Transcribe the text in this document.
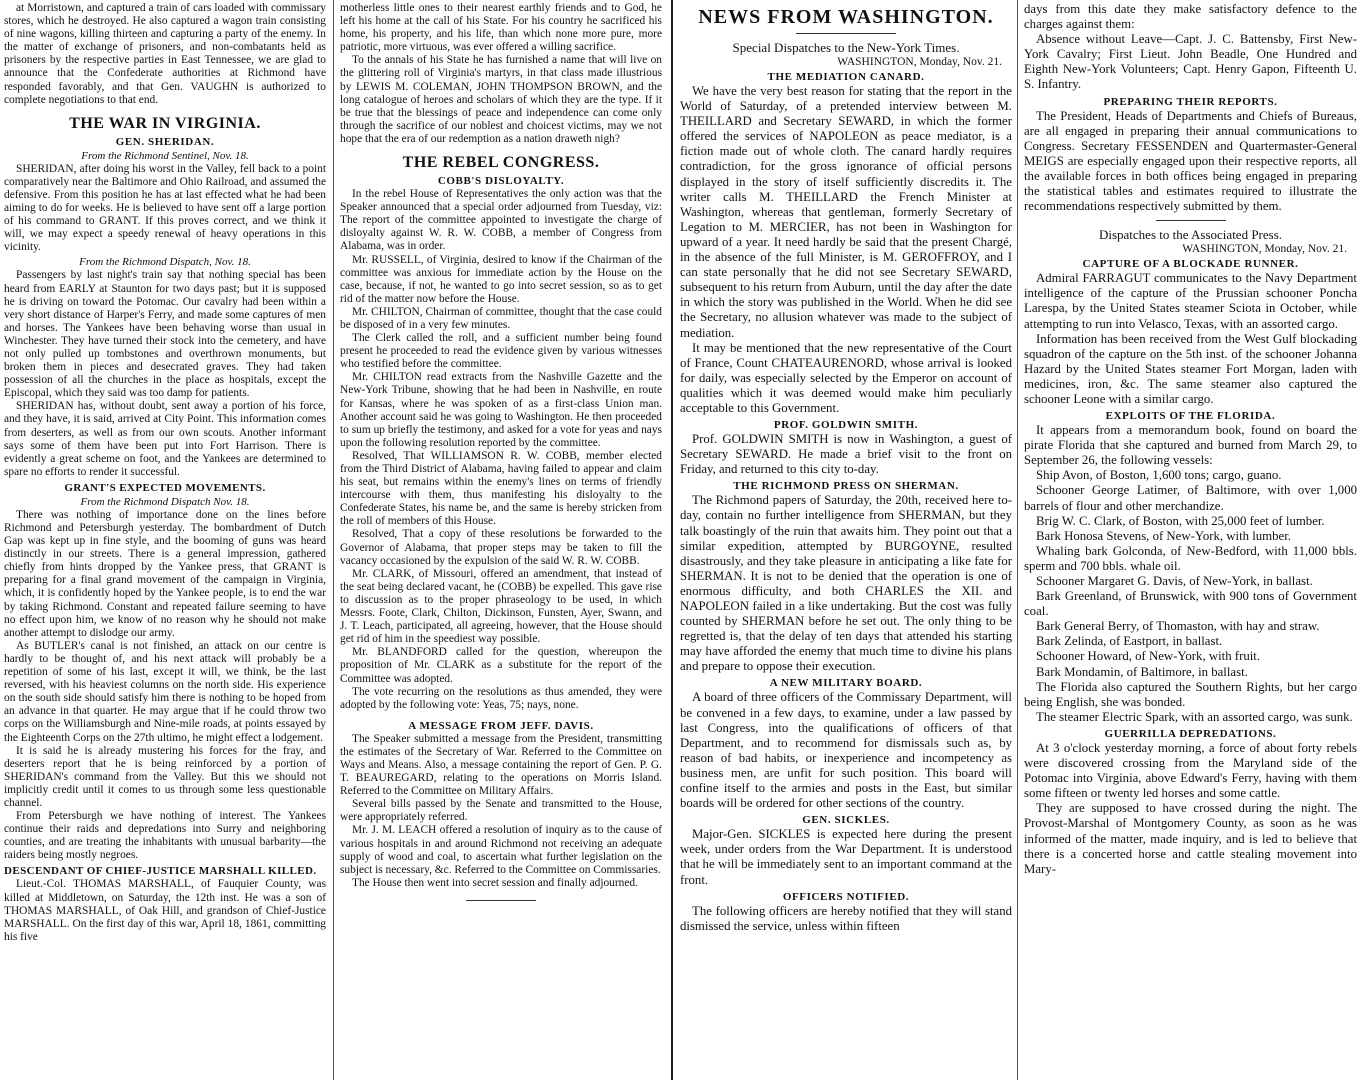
at Morristown, and captured a train of cars loaded with commissary stores, which he destroyed. He also captured a wagon train consisting of nine wagons, killing thirteen and capturing a party of the enemy. In the matter of exchange of prisoners, and non-combatants held as prisoners by the respective parties in East Tennessee, we are glad to announce that the Confederate authorities at Richmond have responded favorably, and that Gen. VAUGHN is authorized to complete negotiations to that end.

THE WAR IN VIRGINIA.
GEN. SHERIDAN.
From the Richmond Sentinel, Nov. 18.

SHERIDAN, after doing his worst in the Valley, fell back to a point comparatively near the Baltimore and Ohio Railroad, and assumed the defensive. From this position he has at last effected what he had been aiming to do for weeks. He is believed to have sent off a large portion of his command to GRANT. If this proves correct, and we think it will, we may expect a speedy renewal of heavy operations in this vicinity.

From the Richmond Dispatch, Nov. 18.

Passengers by last night's train say that nothing special has been heard from EARLY at Staunton for two days past; but it is supposed he is driving on toward the Potomac. Our cavalry had been within a very short distance of Harper's Ferry, and made some captures of men and horses. The Yankees have been behaving worse than usual in Winchester. They have turned their stock into the cemetery, and have not only pulled up tombstones and overthrown monuments, but broken them in pieces and desecrated graves. They had taken possession of all the churches in the place as hospitals, except the Episcopal, which they said was too damp for patients.

SHERIDAN has, without doubt, sent away a portion of his force, and they have, it is said, arrived at City Point. This information comes from deserters, as well as from our own scouts. Another informant says some of them have been put into Fort Harrison. There is evidently a great scheme on foot, and the Yankees are determined to spare no efforts to render it successful.

GRANT'S EXPECTED MOVEMENTS.
From the Richmond Dispatch Nov. 18.

There was nothing of importance done on the lines before Richmond and Petersburgh yesterday. The bombardment of Dutch Gap was kept up in fine style, and the booming of guns was heard distinctly in our streets. There is a general impression, gathered chiefly from hints dropped by the Yankee press, that GRANT is preparing for a final grand movement of the campaign in Virginia, which, it is confidently hoped by the Yankee people, is to end the war by taking Richmond. Constant and repeated failure seeming to have no effect upon him, we know of no reason why he should not make another attempt to dislodge our army.

As BUTLER's canal is not finished, an attack on our centre is hardly to be thought of, and his next attack will probably be a repetition of some of his last, except it will, we think, be the last reversed, with his heaviest columns on the north side. His experience on the south side should satisfy him there is nothing to be hoped from an advance in that quarter. He may argue that if he could throw two corps on the Williamsburgh and Nine-mile roads, at points essayed by the Eighteenth Corps on the 27th ultimo, he might effect a lodgement.

It is said he is already mustering his forces for the fray, and deserters report that he is being reinforced by a portion of SHERIDAN's command from the Valley. But this we should not implicitly credit until it comes to us through some less questionable channel.

From Petersburgh we have nothing of interest. The Yankees continue their raids and depredations into Surry and neighboring counties, and are treating the inhabitants with unusual barbarity—the raiders being mostly negroes.

DESCENDANT OF CHIEF-JUSTICE MARSHALL KILLED.

Lieut.-Col. THOMAS MARSHALL, of Fauquier County, was killed at Middletown, on Saturday, the 12th inst. He was a son of THOMAS MARSHALL, of Oak Hill, and grandson of Chief-Justice MARSHALL. On the first day of this war, April 18, 1861, committing his five

motherless little ones to their nearest earthly friends and to God, he left his home at the call of his State. For his country he sacrificed his home, his property, and his life, than which none more pure, more patriotic, more virtuous, was ever offered a willing sacrifice.

To the annals of his State he has furnished a name that will live on the glittering roll of Virginia's martyrs, in that class made illustrious by LEWIS M. COLEMAN, JOHN THOMPSON BROWN, and the long catalogue of heroes and scholars of which they are the type. If it be true that the blessings of peace and independence can come only through the sacrifice of our noblest and choicest victims, may we not hope that the era of our redemption as a nation draweth nigh?

THE REBEL CONGRESS.
COBB'S DISLOYALTY.

In the rebel House of Representatives the only action was that the Speaker announced that a special order adjourned from Tuesday, viz: The report of the committee appointed to investigate the charge of disloyalty against W. R. W. COBB, a member of Congress from Alabama, was in order.

Mr. RUSSELL, of Virginia, desired to know if the Chairman of the committee was anxious for immediate action by the House on the case, because, if not, he wanted to go into secret session, so as to get rid of the matter now before the House.

Mr. CHILTON, Chairman of committee, thought that the case could be disposed of in a very few minutes.

The Clerk called the roll, and a sufficient number being found present he proceeded to read the evidence given by various witnesses who testified before the committee.

Mr. CHILTON read extracts from the Nashville Gazette and the New-York Tribune, showing that he had been in Nashville, en route for Kansas, where he was spoken of as a first-class Union man. Another account said he was going to Washington. He then proceeded to sum up briefly the testimony, and asked for a vote for yeas and nays upon the following resolution reported by the committee.

Resolved, That WILLIAMSON R. W. COBB, member elected from the Third District of Alabama, having failed to appear and claim his seat, but remains within the enemy's lines on terms of friendly intercourse with them, thus manifesting his disloyalty to the Confederate States, his name be, and the same is hereby stricken from the roll of members of this House.

Resolved, That a copy of these resolutions be forwarded to the Governor of Alabama, that proper steps may be taken to fill the vacancy occasioned by the expulsion of the said W. R. W. COBB.

Mr. CLARK, of Missouri, offered an amendment, that instead of the seat being declared vacant, he (COBB) be expelled. This gave rise to discussion as to the proper phraseology to be used, in which Messrs. Foote, Clark, Chilton, Dickinson, Funsten, Ayer, Swann, and J. T. Leach, participated, all agreeing, however, that the House should get rid of him in the speediest way possible.

Mr. BLANDFORD called for the question, whereupon the proposition of Mr. CLARK as a substitute for the report of the Committee was adopted.

The vote recurring on the resolutions as thus amended, they were adopted by the following vote: Yeas, 75; nays, none.

A MESSAGE FROM JEFF. DAVIS.

The Speaker submitted a message from the President, transmitting the estimates of the Secretary of War. Referred to the Committee on Ways and Means. Also, a message containing the report of Gen. P. G. T. BEAUREGARD, relating to the operations on Morris Island. Referred to the Committee on Military Affairs.

Several bills passed by the Senate and transmitted to the House, were appropriately referred.

Mr. J. M. LEACH offered a resolution of inquiry as to the cause of various hospitals in and around Richmond not receiving an adequate supply of wood and coal, to ascertain what further legislation on the subject is necessary, &c. Referred to the Committee on Commissaries.

The House then went into secret session and finally adjourned.

NEWS FROM WASHINGTON.
Special Dispatches to the New-York Times.
WASHINGTON, Monday, Nov. 21.
THE MEDIATION CANARD.

We have the very best reason for stating that the report in the World of Saturday, of a pretended interview between M. THEILLARD and Secretary SEWARD, in which the former offered the services of NAPOLEON as peace mediator, is a fiction made out of whole cloth. The canard hardly requires contradiction, for the gross ignorance of official persons displayed in the story of itself sufficiently discredits it. The writer calls M. THEILLARD the French Minister at Washington, whereas that gentleman, formerly Secretary of Legation to M. MERCIER, has not been in Washington for upward of a year. It need hardly be said that the present Chargé, in the absence of the full Minister, is M. GEROFFROY, and I can state personally that he did not see Secretary SEWARD, subsequent to his return from Auburn, until the day after the date in which the story was published in the World. When he did see the Secretary, no allusion whatever was made to the subject of mediation.

It may be mentioned that the new representative of the Court of France, Count CHATEAURENORD, whose arrival is looked for daily, was especially selected by the Emperor on account of qualities which it was deemed would make him peculiarly acceptable to this Government.

PROF. GOLDWIN SMITH.

Prof. GOLDWIN SMITH is now in Washington, a guest of Secretary SEWARD. He made a brief visit to the front on Friday, and returned to this city to-day.

THE RICHMOND PRESS ON SHERMAN.

The Richmond papers of Saturday, the 20th, received here to-day, contain no further intelligence from SHERMAN, but they talk boastingly of the ruin that awaits him. They point out that a similar expedition, attempted by BURGOYNE, resulted disastrously, and they take pleasure in anticipating a like fate for SHERMAN. It is not to be denied that the operation is one of enormous difficulty, and both CHARLES the XII. and NAPOLEON failed in a like undertaking. But the cost was fully counted by SHERMAN before he set out. The only thing to be regretted is, that the delay of ten days that attended his starting may have afforded the enemy that much time to divine his plans and prepare to oppose their execution.

A NEW MILITARY BOARD.

A board of three officers of the Commissary Department, will be convened in a few days, to examine, under a law passed by last Congress, into the qualifications of officers of that Department, and to recommend for dismissals such as, by reason of bad habits, or inexperience and incompetency as business men, are unfit for such position. This board will confine itself to the armies and posts in the East, but similar boards will be ordered for other sections of the country.

GEN. SICKLES.

Major-Gen. SICKLES is expected here during the present week, under orders from the War Department. It is understood that he will be immediately sent to an important command at the front.

OFFICERS NOTIFIED.

The following officers are hereby notified that they will stand dismissed the service, unless within fifteen

days from this date they make satisfactory defence to the charges against them:

Absence without Leave—Capt. J. C. Battensby, First New-York Cavalry; First Lieut. John Beadle, One Hundred and Eighth New-York Volunteers; Capt. Henry Gapon, Fifteenth U. S. Infantry.

PREPARING THEIR REPORTS.

The President, Heads of Departments and Chiefs of Bureaus, are all engaged in preparing their annual communications to Congress. Secretary FESSENDEN and Quartermaster-General MEIGS are especially engaged upon their respective reports, all the available forces in both offices being engaged in preparing the statistical tables and estimates required to illustrate the recommendations respectively submitted by them.

Dispatches to the Associated Press.
WASHINGTON, Monday, Nov. 21.
CAPTURE OF A BLOCKADE RUNNER.

Admiral FARRAGUT communicates to the Navy Department intelligence of the capture of the Prussian schooner Poncha Larespa, by the United States steamer Sciota in October, while attempting to run into Velasco, Texas, with an assorted cargo.

Information has been received from the West Gulf blockading squadron of the capture on the 5th inst. of the schooner Johanna Hazard by the United States steamer Fort Morgan, laden with medicines, iron, &c. The same steamer also captured the schooner Leone with a similar cargo.

EXPLOITS OF THE FLORIDA.

It appears from a memorandum book, found on board the pirate Florida that she captured and burned from March 29, to September 26, the following vessels:

Ship Avon, of Boston, 1,600 tons; cargo, guano.

Schooner George Latimer, of Baltimore, with over 1,000 barrels of flour and other merchandize.

Brig W. C. Clark, of Boston, with 25,000 feet of lumber.

Bark Honosa Stevens, of New-York, with lumber.

Whaling bark Golconda, of New-Bedford, with 11,000 bbls. sperm and 700 bbls. whale oil.

Schooner Margaret G. Davis, of New-York, in ballast.

Bark Greenland, of Brunswick, with 900 tons of Government coal.

Bark General Berry, of Thomaston, with hay and straw.

Bark Zelinda, of Eastport, in ballast.

Schooner Howard, of New-York, with fruit.

Bark Mondamin, of Baltimore, in ballast.

The Florida also captured the Southern Rights, but her cargo being English, she was bonded.

The steamer Electric Spark, with an assorted cargo, was sunk.

GUERRILLA DEPREDATIONS.

At 3 o'clock yesterday morning, a force of about forty rebels were discovered crossing from the Maryland side of the Potomac into Virginia, above Edward's Ferry, having with them some fifteen or twenty led horses and some cattle.

They are supposed to have crossed during the night. The Provost-Marshal of Montgomery County, as soon as he was informed of the matter, made inquiry, and is led to believe that there is a concerted horse and cattle stealing movement into Mary-
